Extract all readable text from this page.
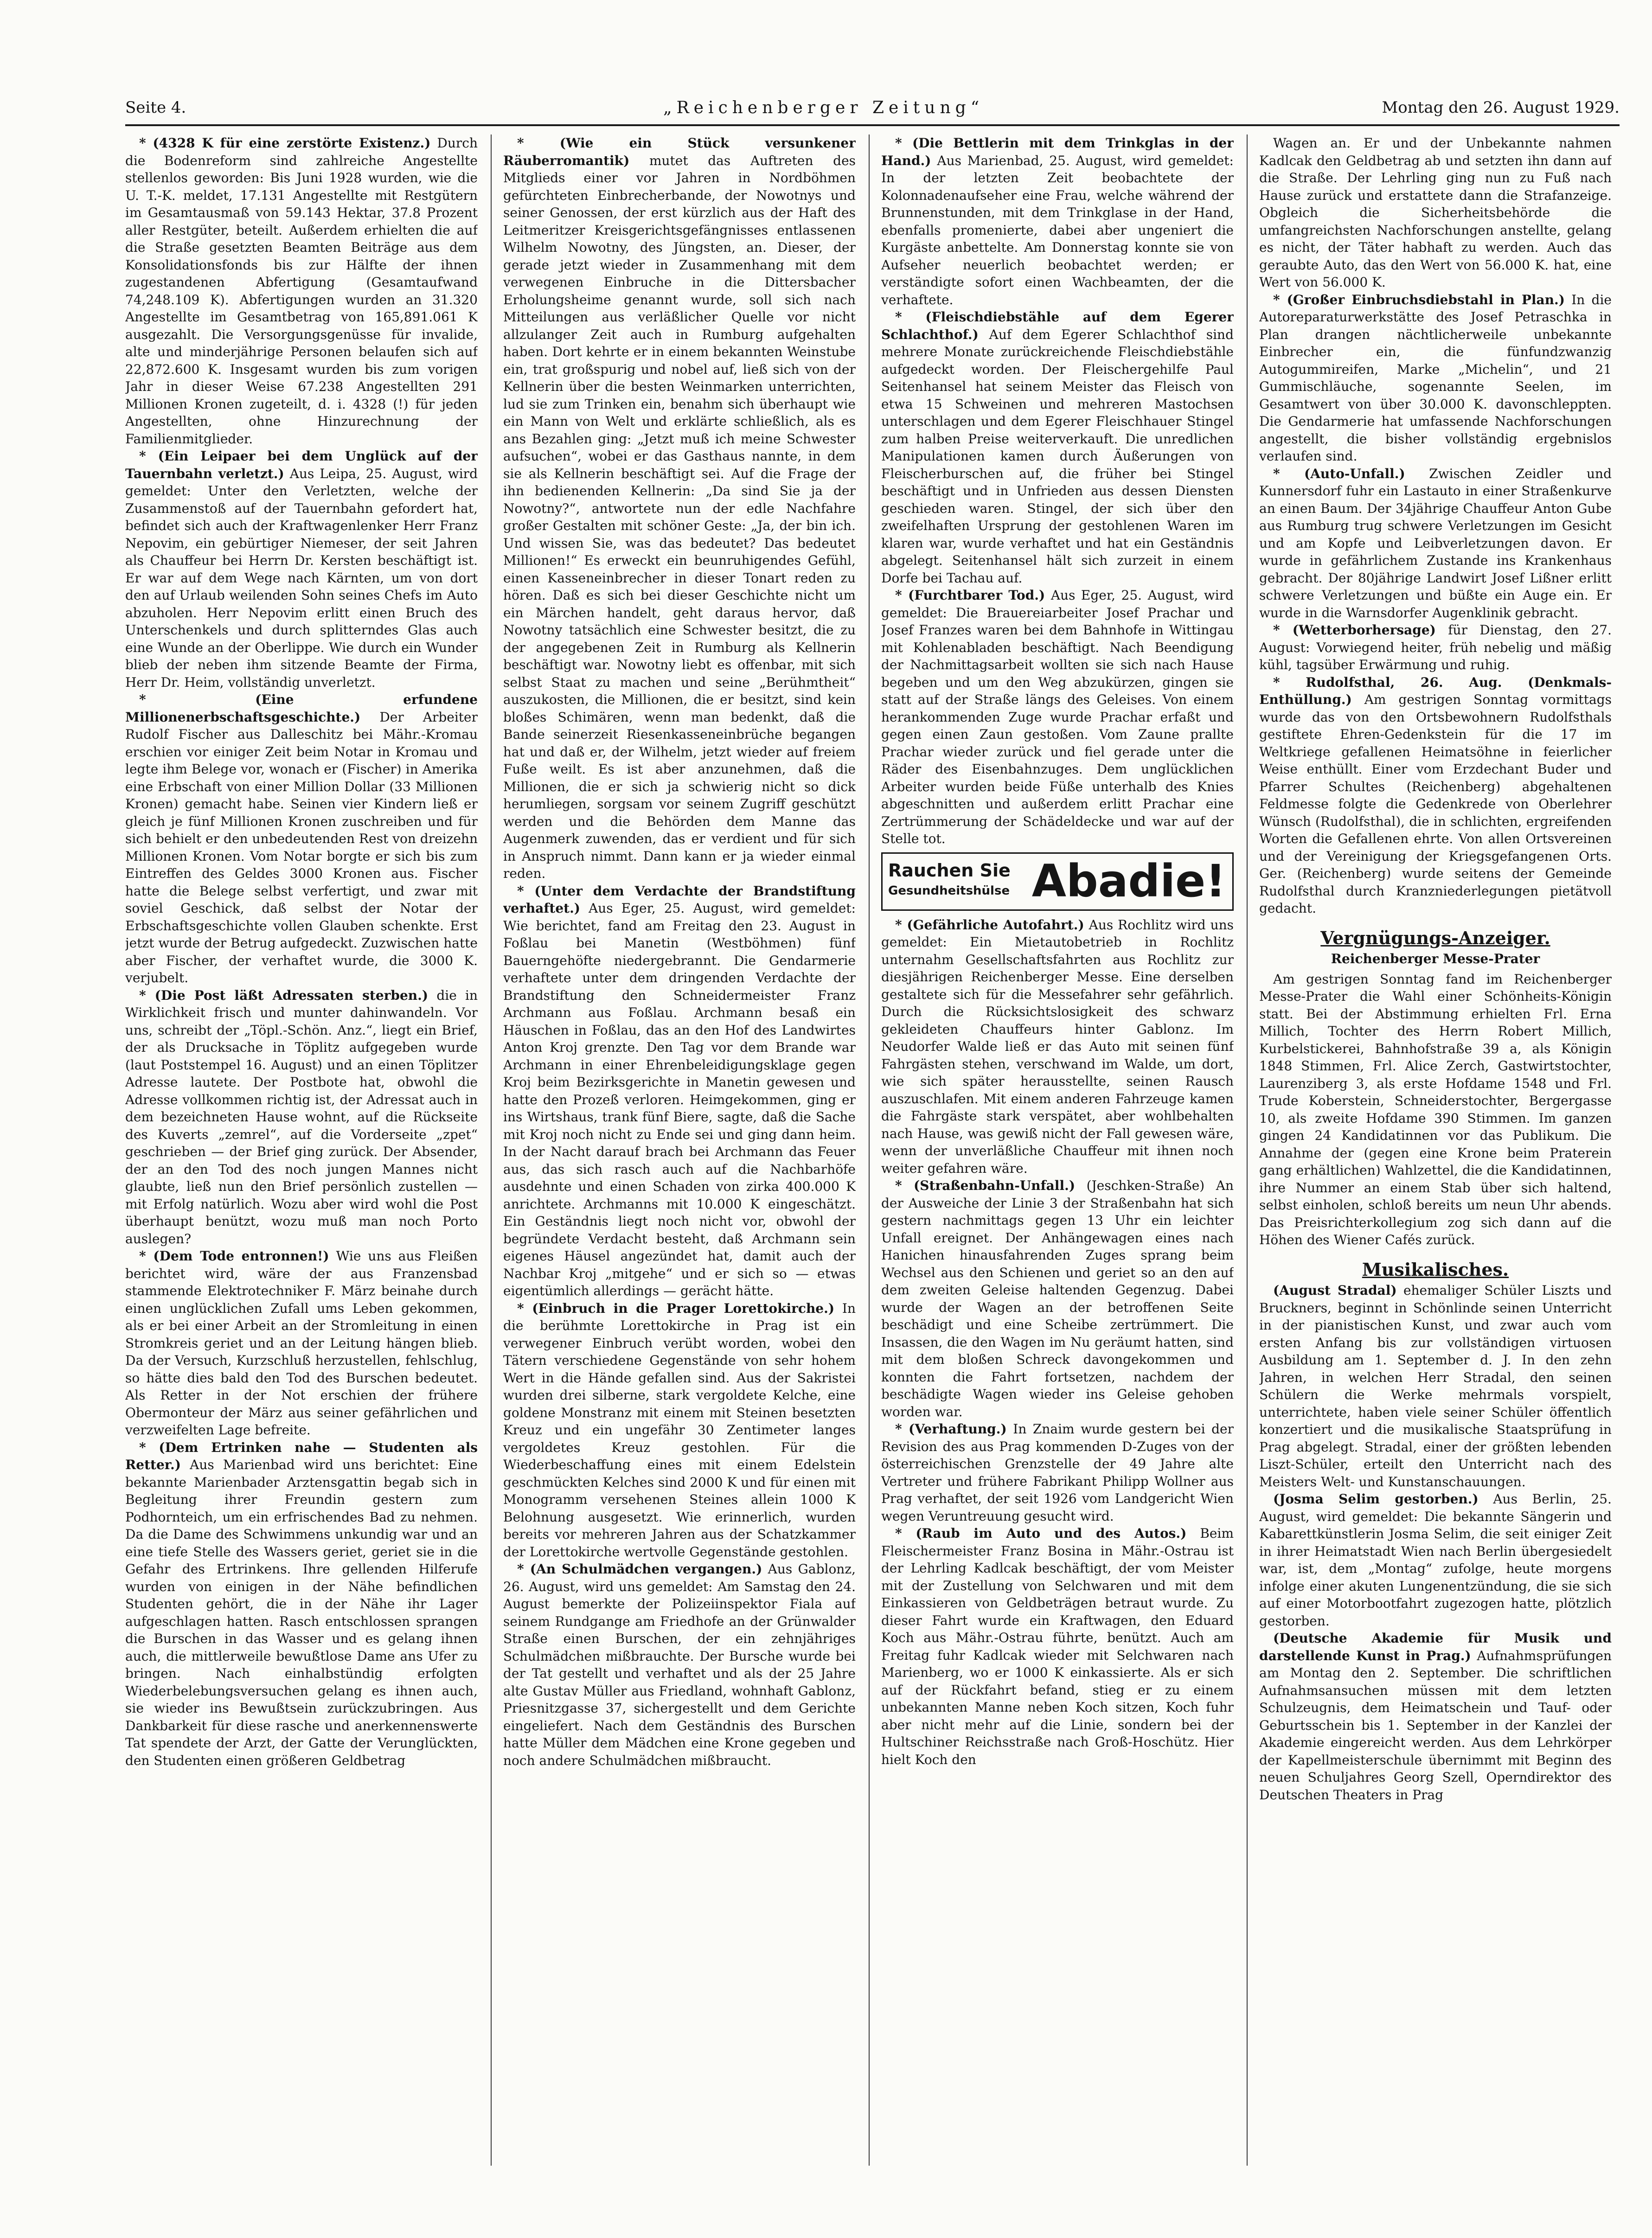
Seite 4.	„Reichenberger Zeitung“	Montag den 26. August 1929.

* (4328 K für eine zerstörte Existenz.) Durch die Bodenreform sind zahlreiche Angestellte stellenlos geworden: Bis Juni 1928 wurden, wie die U. T.-K. meldet, 17.131 Angestellte mit Restgütern im Gesamtausmaß von 59.143 Hektar, 37.8 Prozent aller Restgüter, beteilt. Außerdem erhielten die auf die Straße gesetzten Beamten Beiträge aus dem Konsolidationsfonds bis zur Hälfte der ihnen zugestandenen Abfertigung (Gesamtaufwand 74,248.109 K). Abfertigungen wurden an 31.320 Angestellte im Gesamtbetrag von 165,891.061 K ausgezahlt. Die Versorgungsgenüsse für invalide, alte und minderjährige Personen belaufen sich auf 22,872.600 K. Insgesamt wurden bis zum vorigen Jahr in dieser Weise 67.238 Angestellten 291 Millionen Kronen zugeteilt, d. i. 4328 (!) für jeden Angestellten, ohne Hinzurechnung der Familienmitglieder.

* (Ein Leipaer bei dem Unglück auf der Tauernbahn verletzt.) Aus Leipa, 25. August, wird gemeldet: Unter den Verletzten, welche der Zusammenstoß auf der Tauernbahn gefordert hat, befindet sich auch der Kraftwagenlenker Herr Franz Nepovim, ein gebürtiger Niemeser, der seit Jahren als Chauffeur bei Herrn Dr. Kersten beschäftigt ist. Er war auf dem Wege nach Kärnten, um von dort den auf Urlaub weilenden Sohn seines Chefs im Auto abzuholen. Herr Nepovim erlitt einen Bruch des Unterschenkels und durch splitterndes Glas auch eine Wunde an der Oberlippe. Wie durch ein Wunder blieb der neben ihm sitzende Beamte der Firma, Herr Dr. Heim, vollständig unverletzt.

* (Eine erfundene Millionenerbschaftsgeschichte.) Der Arbeiter Rudolf Fischer aus Dalleschitz bei Mähr.-Kromau erschien vor einiger Zeit beim Notar in Kromau und legte ihm Belege vor, wonach er (Fischer) in Amerika eine Erbschaft von einer Million Dollar (33 Millionen Kronen) gemacht habe. Seinen vier Kindern ließ er gleich je fünf Millionen Kronen zuschreiben und für sich behielt er den unbedeutenden Rest von dreizehn Millionen Kronen. Vom Notar borgte er sich bis zum Eintreffen des Geldes 3000 Kronen aus. Fischer hatte die Belege selbst verfertigt, und zwar mit soviel Geschick, daß selbst der Notar der Erbschaftsgeschichte vollen Glauben schenkte. Erst jetzt wurde der Betrug aufgedeckt. Zuzwischen hatte aber Fischer, der verhaftet wurde, die 3000 K. verjubelt.

* (Die Post läßt Adressaten sterben.) die in Wirklichkeit frisch und munter dahinwandeln. Vor uns, schreibt der „Töpl.-Schön. Anz.“, liegt ein Brief, der als Drucksache in Töplitz aufgegeben wurde (laut Poststempel 16. August) und an einen Töplitzer Adresse lautete. Der Postbote hat, obwohl die Adresse vollkommen richtig ist, der Adressat auch in dem bezeichneten Hause wohnt, auf die Rückseite des Kuverts „zemrel“, auf die Vorderseite „zpet“ geschrieben — der Brief ging zurück. Der Absender, der an den Tod des noch jungen Mannes nicht glaubte, ließ nun den Brief persönlich zustellen — mit Erfolg natürlich. Wozu aber wird wohl die Post überhaupt benützt, wozu muß man noch Porto auslegen?

* (Dem Tode entronnen!) Wie uns aus Fleißen berichtet wird, wäre der aus Franzensbad stammende Elektrotechniker F. März beinahe durch einen unglücklichen Zufall ums Leben gekommen, als er bei einer Arbeit an der Stromleitung in einen Stromkreis geriet und an der Leitung hängen blieb. Da der Versuch, Kurzschluß herzustellen, fehlschlug, so hätte dies bald den Tod des Burschen bedeutet. Als Retter in der Not erschien der frühere Obermonteur der März aus seiner gefährlichen und verzweifelten Lage befreite.

* (Dem Ertrinken nahe — Studenten als Retter.) Aus Marienbad wird uns berichtet: Eine bekannte Marienbader Arztensgattin begab sich in Begleitung ihrer Freundin gestern zum Podhornteich, um ein erfrischendes Bad zu nehmen. Da die Dame des Schwimmens unkundig war und an eine tiefe Stelle des Wassers geriet, geriet sie in die Gefahr des Ertrinkens. Ihre gellenden Hilferufe wurden von einigen in der Nähe befindlichen Studenten gehört, die in der Nähe ihr Lager aufgeschlagen hatten. Rasch entschlossen sprangen die Burschen in das Wasser und es gelang ihnen auch, die mittlerweile bewußtlose Dame ans Ufer zu bringen. Nach einhalbstündig erfolgten Wiederbelebungsversuchen gelang es ihnen auch, sie wieder ins Bewußtsein zurückzubringen. Aus Dankbarkeit für diese rasche und anerkennenswerte Tat spendete der Arzt, der Gatte der Verunglückten, den Studenten einen größeren Geldbetrag

* (Wie ein Stück versunkener Räuberromantik) mutet das Auftreten des Mitglieds einer vor Jahren in Nordböhmen gefürchteten Einbrecherbande, der Nowotnys und seiner Genossen, der erst kürzlich aus der Haft des Leitmeritzer Kreisgerichtsgefängnisses entlassenen Wilhelm Nowotny, des Jüngsten, an. Dieser, der gerade jetzt wieder in Zusammenhang mit dem verwegenen Einbruche in die Dittersbacher Erholungsheime genannt wurde, soll sich nach Mitteilungen aus verläßlicher Quelle vor nicht allzulanger Zeit auch in Rumburg aufgehalten haben. Dort kehrte er in einem bekannten Weinstube ein, trat großspurig und nobel auf, ließ sich von der Kellnerin über die besten Weinmarken unterrichten, lud sie zum Trinken ein, benahm sich überhaupt wie ein Mann von Welt und erklärte schließlich, als es ans Bezahlen ging: „Jetzt muß ich meine Schwester aufsuchen“, wobei er das Gasthaus nannte, in dem sie als Kellnerin beschäftigt sei. Auf die Frage der ihn bedienenden Kellnerin: „Da sind Sie ja der Nowotny?“, antwortete nun der edle Nachfahre großer Gestalten mit schöner Geste: „Ja, der bin ich. Und wissen Sie, was das bedeutet? Das bedeutet Millionen!“ Es erweckt ein beunruhigendes Gefühl, einen Kasseneinbrecher in dieser Tonart reden zu hören. Daß es sich bei dieser Geschichte nicht um ein Märchen handelt, geht daraus hervor, daß Nowotny tatsächlich eine Schwester besitzt, die zu der angegebenen Zeit in Rumburg als Kellnerin beschäftigt war. Nowotny liebt es offenbar, mit sich selbst Staat zu machen und seine „Berühmtheit“ auszukosten, die Millionen, die er besitzt, sind kein bloßes Schimären, wenn man bedenkt, daß die Bande seinerzeit Riesenkasseneinbrüche begangen hat und daß er, der Wilhelm, jetzt wieder auf freiem Fuße weilt. Es ist aber anzunehmen, daß die Millionen, die er sich ja schwierig nicht so dick herumliegen, sorgsam vor seinem Zugriff geschützt werden und die Behörden dem Manne das Augenmerk zuwenden, das er verdient und für sich in Anspruch nimmt. Dann kann er ja wieder einmal reden.

* (Unter dem Verdachte der Brandstiftung verhaftet.) Aus Eger, 25. August, wird gemeldet: Wie berichtet, fand am Freitag den 23. August in Foßlau bei Manetin (Westböhmen) fünf Bauerngehöfte niedergebrannt. Die Gendarmerie verhaftete unter dem dringenden Verdachte der Brandstiftung den Schneidermeister Franz Archmann aus Foßlau. Archmann besaß ein Häuschen in Foßlau, das an den Hof des Landwirtes Anton Kroj grenzte. Den Tag vor dem Brande war Archmann in einer Ehrenbeleidigungsklage gegen Kroj beim Bezirksgerichte in Manetin gewesen und hatte den Prozeß verloren. Heimgekommen, ging er ins Wirtshaus, trank fünf Biere, sagte, daß die Sache mit Kroj noch nicht zu Ende sei und ging dann heim. In der Nacht darauf brach bei Archmann das Feuer aus, das sich rasch auch auf die Nachbarhöfe ausdehnte und einen Schaden von zirka 400.000 K anrichtete. Archmanns mit 10.000 K eingeschätzt. Ein Geständnis liegt noch nicht vor, obwohl der begründete Verdacht besteht, daß Archmann sein eigenes Häusel angezündet hat, damit auch der Nachbar Kroj „mitgehe“ und er sich so — etwas eigentümlich allerdings — gerächt hätte.

* (Einbruch in die Prager Lorettokirche.) In die berühmte Lorettokirche in Prag ist ein verwegener Einbruch verübt worden, wobei den Tätern verschiedene Gegenstände von sehr hohem Wert in die Hände gefallen sind. Aus der Sakristei wurden drei silberne, stark vergoldete Kelche, eine goldene Monstranz mit einem mit Steinen besetzten Kreuz und ein ungefähr 30 Zentimeter langes vergoldetes Kreuz gestohlen. Für die Wiederbeschaffung eines mit einem Edelstein geschmückten Kelches sind 2000 K und für einen mit Monogramm versehenen Steines allein 1000 K Belohnung ausgesetzt. Wie erinnerlich, wurden bereits vor mehreren Jahren aus der Schatzkammer der Lorettokirche wertvolle Gegenstände gestohlen.

* (An Schulmädchen vergangen.) Aus Gablonz, 26. August, wird uns gemeldet: Am Samstag den 24. August bemerkte der Polizeiinspektor Fiala auf seinem Rundgange am Friedhofe an der Grünwalder Straße einen Burschen, der ein zehnjähriges Schulmädchen mißbrauchte. Der Bursche wurde bei der Tat gestellt und verhaftet und als der 25 Jahre alte Gustav Müller aus Friedland, wohnhaft Gablonz, Priesnitzgasse 37, sichergestellt und dem Gerichte eingeliefert. Nach dem Geständnis des Burschen hatte Müller dem Mädchen eine Krone gegeben und noch andere Schulmädchen mißbraucht.

* (Die Bettlerin mit dem Trinkglas in der Hand.) Aus Marienbad, 25. August, wird gemeldet: In der letzten Zeit beobachtete der Kolonnadenaufseher eine Frau, welche während der Brunnenstunden, mit dem Trinkglase in der Hand, ebenfalls promenierte, dabei aber ungeniert die Kurgäste anbettelte. Am Donnerstag konnte sie von Aufseher neuerlich beobachtet werden; er verständigte sofort einen Wachbeamten, der die verhaftete.

* (Fleischdiebstähle auf dem Egerer Schlachthof.) Auf dem Egerer Schlachthof sind mehrere Monate zurückreichende Fleischdiebstähle aufgedeckt worden. Der Fleischergehilfe Paul Seitenhansel hat seinem Meister das Fleisch von etwa 15 Schweinen und mehreren Mastochsen unterschlagen und dem Egerer Fleischhauer Stingel zum halben Preise weiterverkauft. Die unredlichen Manipulationen kamen durch Äußerungen von Fleischerburschen auf, die früher bei Stingel beschäftigt und in Unfrieden aus dessen Diensten geschieden waren. Stingel, der sich über den zweifelhaften Ursprung der gestohlenen Waren im klaren war, wurde verhaftet und hat ein Geständnis abgelegt. Seitenhansel hält sich zurzeit in einem Dorfe bei Tachau auf.

* (Furchtbarer Tod.) Aus Eger, 25. August, wird gemeldet: Die Brauereiarbeiter Josef Prachar und Josef Franzes waren bei dem Bahnhofe in Wittingau mit Kohlenabladen beschäftigt. Nach Beendigung der Nachmittagsarbeit wollten sie sich nach Hause begeben und um den Weg abzukürzen, gingen sie statt auf der Straße längs des Geleises. Von einem herankommenden Zuge wurde Prachar erfaßt und gegen einen Zaun gestoßen. Vom Zaune prallte Prachar wieder zurück und fiel gerade unter die Räder des Eisenbahnzuges. Dem unglücklichen Arbeiter wurden beide Füße unterhalb des Knies abgeschnitten und außerdem erlitt Prachar eine Zertrümmerung der Schädeldecke und war auf der Stelle tot.

Rauchen Sie
Gesundheitshülse Abadie!

* (Gefährliche Autofahrt.) Aus Rochlitz wird uns gemeldet: Ein Mietautobetrieb in Rochlitz unternahm Gesellschaftsfahrten aus Rochlitz zur diesjährigen Reichenberger Messe. Eine derselben gestaltete sich für die Messefahrer sehr gefährlich. Durch die Rücksichtslosigkeit des schwarz gekleideten Chauffeurs hinter Gablonz. Im Neudorfer Walde ließ er das Auto mit seinen fünf Fahrgästen stehen, verschwand im Walde, um dort, wie sich später herausstellte, seinen Rausch auszuschlafen. Mit einem anderen Fahrzeuge kamen die Fahrgäste stark verspätet, aber wohlbehalten nach Hause, was gewiß nicht der Fall gewesen wäre, wenn der unverläßliche Chauffeur mit ihnen noch weiter gefahren wäre.

* (Straßenbahn-Unfall.) (Jeschken-Straße) An der Ausweiche der Linie 3 der Straßenbahn hat sich gestern nachmittags gegen 13 Uhr ein leichter Unfall ereignet. Der Anhängewagen eines nach Hanichen hinausfahrenden Zuges sprang beim Wechsel aus den Schienen und geriet so an den auf dem zweiten Geleise haltenden Gegenzug. Dabei wurde der Wagen an der betroffenen Seite beschädigt und eine Scheibe zertrümmert. Die Insassen, die den Wagen im Nu geräumt hatten, sind mit dem bloßen Schreck davongekommen und konnten die Fahrt fortsetzen, nachdem der beschädigte Wagen wieder ins Geleise gehoben worden war.

* (Verhaftung.) In Znaim wurde gestern bei der Revision des aus Prag kommenden D-Zuges von der österreichischen Grenzstelle der 49 Jahre alte Vertreter und frühere Fabrikant Philipp Wollner aus Prag verhaftet, der seit 1926 vom Landgericht Wien wegen Veruntreuung gesucht wird.

* (Raub im Auto und des Autos.) Beim Fleischermeister Franz Bosina in Mähr.-Ostrau ist der Lehrling Kadlcak beschäftigt, der vom Meister mit der Zustellung von Selchwaren und mit dem Einkassieren von Geldbeträgen betraut wurde. Zu dieser Fahrt wurde ein Kraftwagen, den Eduard Koch aus Mähr.-Ostrau führte, benützt. Auch am Freitag fuhr Kadlcak wieder mit Selchwaren nach Marienberg, wo er 1000 K einkassierte. Als er sich auf der Rückfahrt befand, stieg er zu einem unbekannten Manne neben Koch sitzen, Koch fuhr aber nicht mehr auf die Linie, sondern bei der Hultschiner Reichsstraße nach Groß-Hoschütz. Hier hielt Koch den

Wagen an. Er und der Unbekannte nahmen Kadlcak den Geldbetrag ab und setzten ihn dann auf die Straße. Der Lehrling ging nun zu Fuß nach Hause zurück und erstattete dann die Strafanzeige. Obgleich die Sicherheitsbehörde die umfangreichsten Nachforschungen anstellte, gelang es nicht, der Täter habhaft zu werden. Auch das geraubte Auto, das den Wert von 56.000 K. hat, eine Wert von 56.000 K.

* (Großer Einbruchsdiebstahl in Plan.) In die Autoreparaturwerkstätte des Josef Petraschka in Plan drangen nächtlicherweile unbekannte Einbrecher ein, die fünfundzwanzig Autogummireifen, Marke „Michelin“, und 21 Gummischläuche, sogenannte Seelen, im Gesamtwert von über 30.000 K. davonschleppten. Die Gendarmerie hat umfassende Nachforschungen angestellt, die bisher vollständig ergebnislos verlaufen sind.

* (Auto-Unfall.) Zwischen Zeidler und Kunnersdorf fuhr ein Lastauto in einer Straßenkurve an einen Baum. Der 34jährige Chauffeur Anton Gube aus Rumburg trug schwere Verletzungen im Gesicht und am Kopfe und Leibverletzungen davon. Er wurde in gefährlichem Zustande ins Krankenhaus gebracht. Der 80jährige Landwirt Josef Lißner erlitt schwere Verletzungen und büßte ein Auge ein. Er wurde in die Warnsdorfer Augenklinik gebracht.

* (Wetterborhersage) für Dienstag, den 27. August: Vorwiegend heiter, früh nebelig und mäßig kühl, tagsüber Erwärmung und ruhig.

* Rudolfsthal, 26. Aug. (Denkmals-Enthüllung.) Am gestrigen Sonntag vormittags wurde das von den Ortsbewohnern Rudolfsthals gestiftete Ehren-Gedenkstein für die 17 im Weltkriege gefallenen Heimatsöhne in feierlicher Weise enthüllt. Einer vom Erzdechant Buder und Pfarrer Schultes (Reichenberg) abgehaltenen Feldmesse folgte die Gedenkrede von Oberlehrer Wünsch (Rudolfsthal), die in schlichten, ergreifenden Worten die Gefallenen ehrte. Von allen Ortsvereinen und der Vereinigung der Kriegsgefangenen Orts. Ger. (Reichenberg) wurde seitens der Gemeinde Rudolfsthal durch Kranzniederlegungen pietätvoll gedacht.

Vergnügungs-Anzeiger.
Reichenberger Messe-Prater

Am gestrigen Sonntag fand im Reichenberger Messe-Prater die Wahl einer Schönheits-Königin statt. Bei der Abstimmung erhielten Frl. Erna Millich, Tochter des Herrn Robert Millich, Kurbelstickerei, Bahnhofstraße 39 a, als Königin 1848 Stimmen, Frl. Alice Zerch, Gastwirtstochter, Laurenziberg 3, als erste Hofdame 1548 und Frl. Trude Koberstein, Schneiderstochter, Bergergasse 10, als zweite Hofdame 390 Stimmen. Im ganzen gingen 24 Kandidatinnen vor das Publikum. Die Annahme der (gegen eine Krone beim Praterein gang erhältlichen) Wahlzettel, die die Kandidatinnen, ihre Nummer an einem Stab über sich haltend, selbst einholen, schloß bereits um neun Uhr abends. Das Preisrichterkollegium zog sich dann auf die Höhen des Wiener Cafés zurück.

Musikalisches.

(August Stradal) ehemaliger Schüler Liszts und Bruckners, beginnt in Schönlinde seinen Unterricht in der pianistischen Kunst, und zwar auch vom ersten Anfang bis zur vollständigen virtuosen Ausbildung am 1. September d. J. In den zehn Jahren, in welchen Herr Stradal, den seinen Schülern die Werke mehrmals vorspielt, unterrichtete, haben viele seiner Schüler öffentlich konzertiert und die musikalische Staatsprüfung in Prag abgelegt. Stradal, einer der größten lebenden Liszt-Schüler, erteilt den Unterricht nach des Meisters Welt- und Kunstanschauungen.

(Josma Selim gestorben.) Aus Berlin, 25. August, wird gemeldet: Die bekannte Sängerin und Kabarettkünstlerin Josma Selim, die seit einiger Zeit in ihrer Heimatstadt Wien nach Berlin übergesiedelt war, ist, dem „Montag“ zufolge, heute morgens infolge einer akuten Lungenentzündung, die sie sich auf einer Motorbootfahrt zugezogen hatte, plötzlich gestorben.

(Deutsche Akademie für Musik und darstellende Kunst in Prag.) Aufnahmsprüfungen am Montag den 2. September. Die schriftlichen Aufnahmsansuchen müssen mit dem letzten Schulzeugnis, dem Heimatschein und Tauf- oder Geburtsschein bis 1. September in der Kanzlei der Akademie eingereicht werden. Aus dem Lehrkörper der Kapellmeisterschule übernimmt mit Beginn des neuen Schuljahres Georg Szell, Operndirektor des Deutschen Theaters in Prag
